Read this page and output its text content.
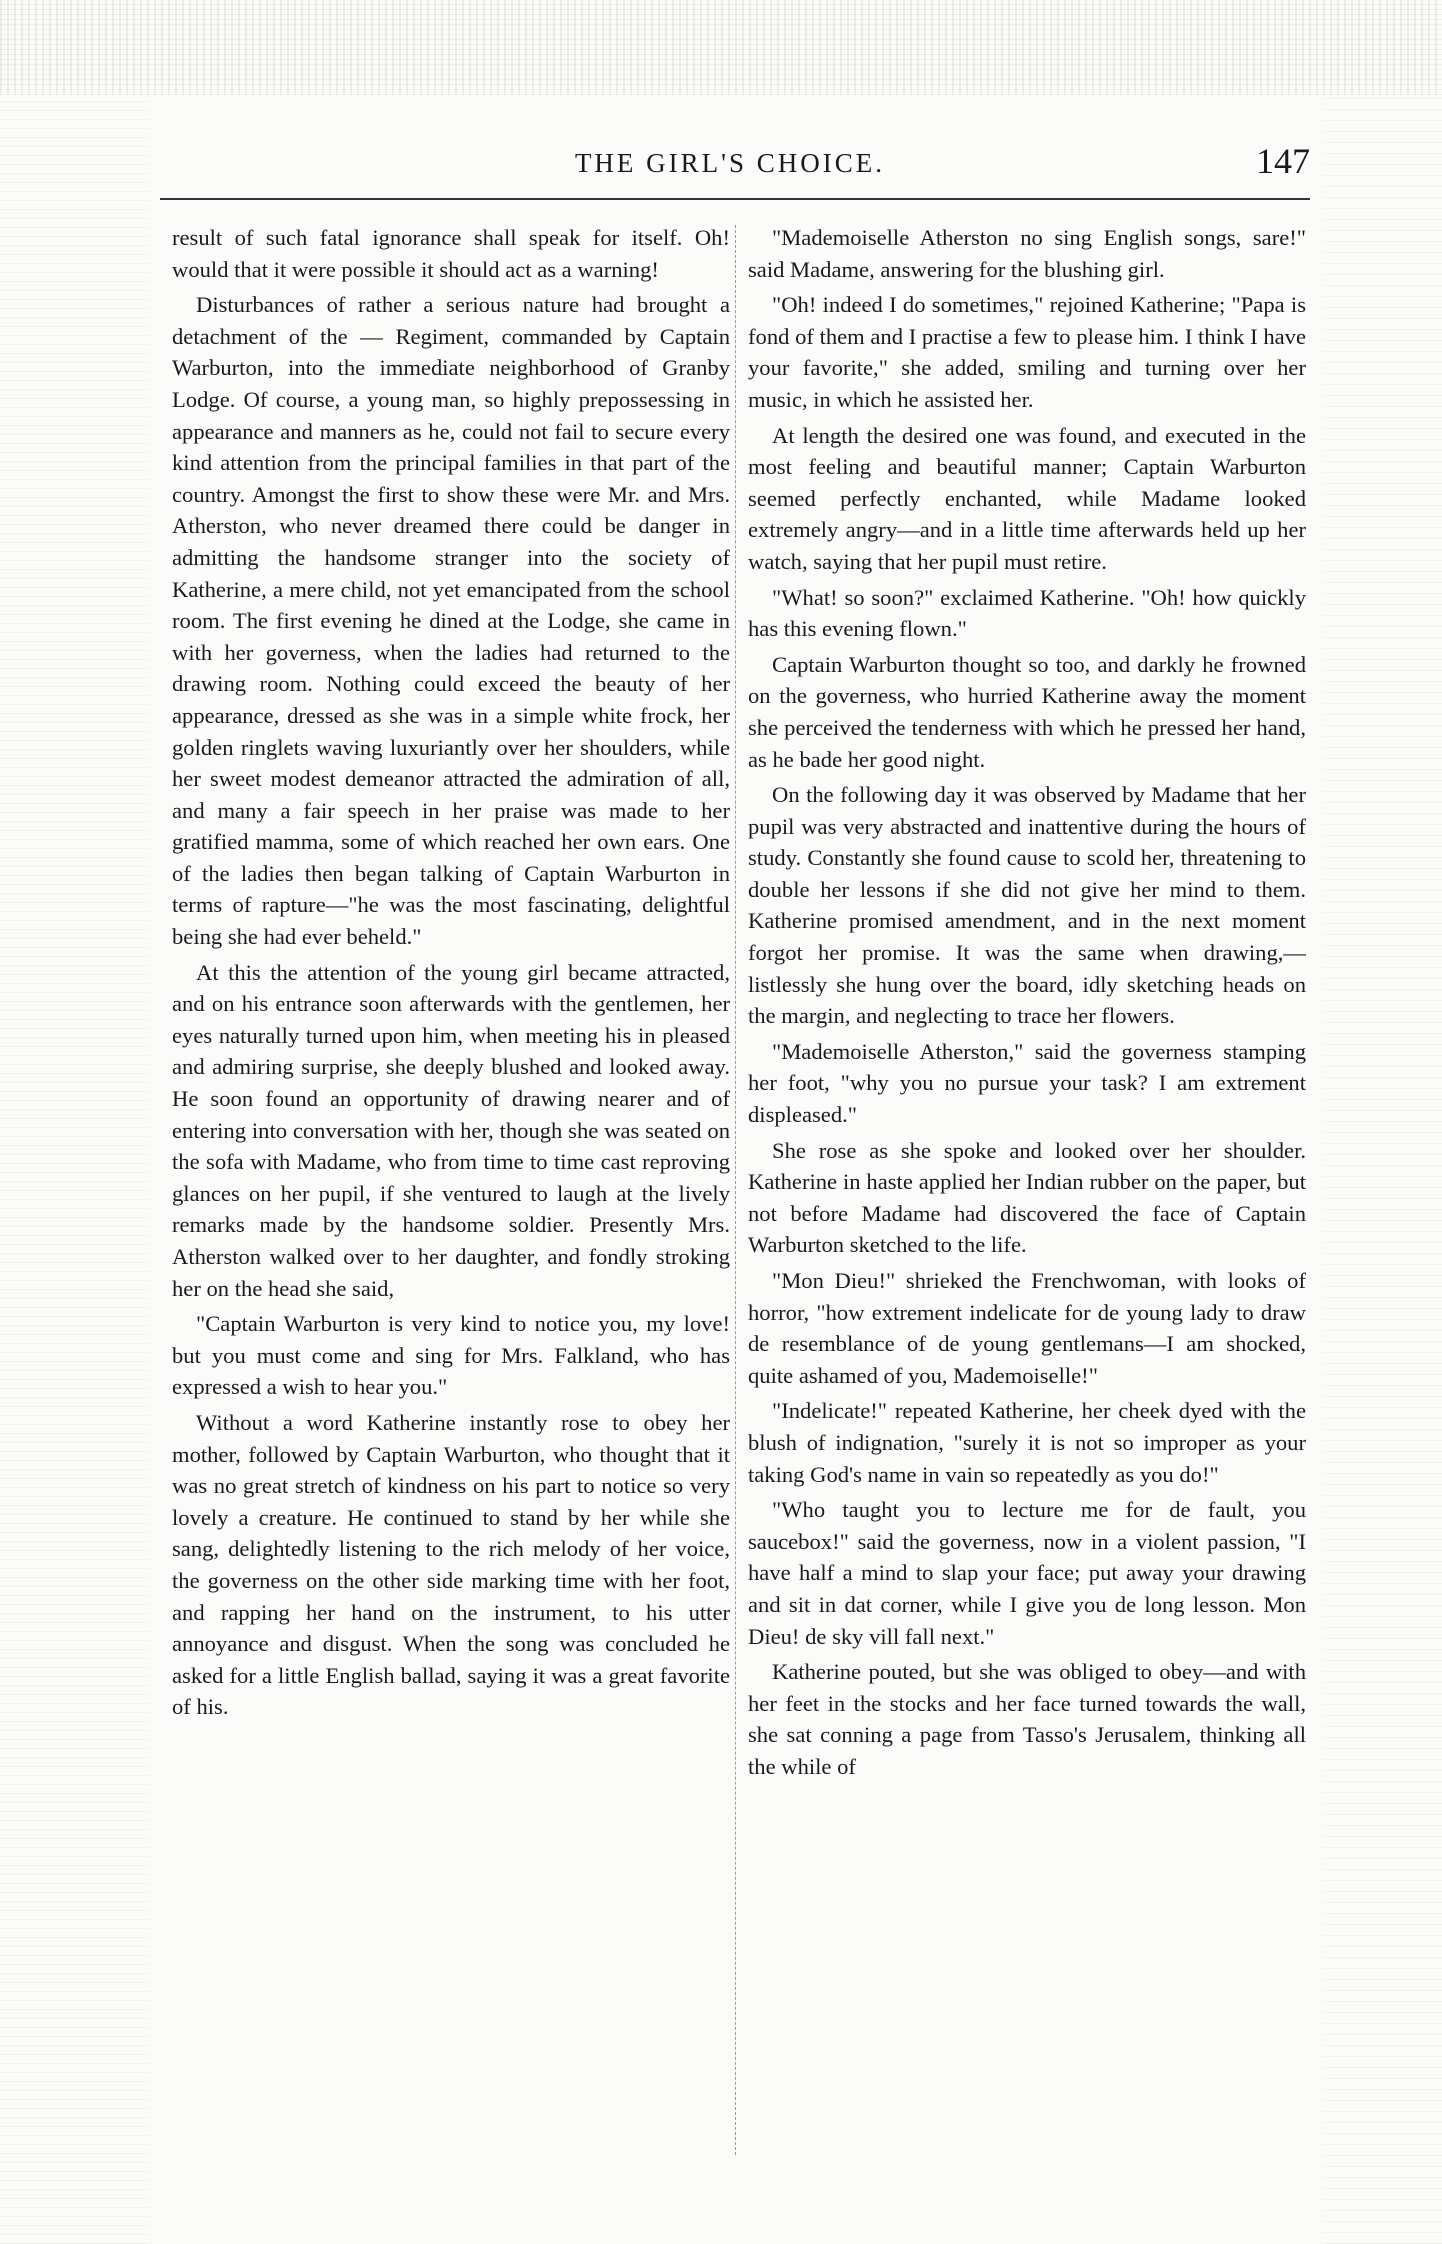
THE GIRL'S CHOICE.	147

result of such fatal ignorance shall speak for itself. Oh! would that it were possible it should act as a warning!

Disturbances of rather a serious nature had brought a detachment of the — Regiment, commanded by Captain Warburton, into the immediate neighborhood of Granby Lodge. Of course, a young man, so highly prepossessing in appearance and manners as he, could not fail to secure every kind attention from the principal families in that part of the country. Amongst the first to show these were Mr. and Mrs. Atherston, who never dreamed there could be danger in admitting the handsome stranger into the society of Katherine, a mere child, not yet emancipated from the school room. The first evening he dined at the Lodge, she came in with her governess, when the ladies had returned to the drawing room. Nothing could exceed the beauty of her appearance, dressed as she was in a simple white frock, her golden ringlets waving luxuriantly over her shoulders, while her sweet modest demeanor attracted the admiration of all, and many a fair speech in her praise was made to her gratified mamma, some of which reached her own ears. One of the ladies then began talking of Captain Warburton in terms of rapture—"he was the most fascinating, delightful being she had ever beheld."

At this the attention of the young girl became attracted, and on his entrance soon afterwards with the gentlemen, her eyes naturally turned upon him, when meeting his in pleased and admiring surprise, she deeply blushed and looked away. He soon found an opportunity of drawing nearer and of entering into conversation with her, though she was seated on the sofa with Madame, who from time to time cast reproving glances on her pupil, if she ventured to laugh at the lively remarks made by the handsome soldier. Presently Mrs. Atherston walked over to her daughter, and fondly stroking her on the head she said,

"Captain Warburton is very kind to notice you, my love! but you must come and sing for Mrs. Falkland, who has expressed a wish to hear you."

Without a word Katherine instantly rose to obey her mother, followed by Captain Warburton, who thought that it was no great stretch of kindness on his part to notice so very lovely a creature. He continued to stand by her while she sang, delightedly listening to the rich melody of her voice, the governess on the other side marking time with her foot, and rapping her hand on the instrument, to his utter annoyance and disgust. When the song was concluded he asked for a little English ballad, saying it was a great favorite of his.

"Mademoiselle Atherston no sing English songs, sare!" said Madame, answering for the blushing girl.

"Oh! indeed I do sometimes," rejoined Katherine; "Papa is fond of them and I practise a few to please him. I think I have your favorite," she added, smiling and turning over her music, in which he assisted her.

At length the desired one was found, and executed in the most feeling and beautiful manner; Captain Warburton seemed perfectly enchanted, while Madame looked extremely angry—and in a little time afterwards held up her watch, saying that her pupil must retire.

"What! so soon?" exclaimed Katherine. "Oh! how quickly has this evening flown."

Captain Warburton thought so too, and darkly he frowned on the governess, who hurried Katherine away the moment she perceived the tenderness with which he pressed her hand, as he bade her good night.

On the following day it was observed by Madame that her pupil was very abstracted and inattentive during the hours of study. Constantly she found cause to scold her, threatening to double her lessons if she did not give her mind to them. Katherine promised amendment, and in the next moment forgot her promise. It was the same when drawing,—listlessly she hung over the board, idly sketching heads on the margin, and neglecting to trace her flowers.

"Mademoiselle Atherston," said the governess stamping her foot, "why you no pursue your task? I am extrement displeased."

She rose as she spoke and looked over her shoulder. Katherine in haste applied her Indian rubber on the paper, but not before Madame had discovered the face of Captain Warburton sketched to the life.

"Mon Dieu!" shrieked the Frenchwoman, with looks of horror, "how extrement indelicate for de young lady to draw de resemblance of de young gentlemans—I am shocked, quite ashamed of you, Mademoiselle!"

"Indelicate!" repeated Katherine, her cheek dyed with the blush of indignation, "surely it is not so improper as your taking God's name in vain so repeatedly as you do!"

"Who taught you to lecture me for de fault, you saucebox!" said the governess, now in a violent passion, "I have half a mind to slap your face; put away your drawing and sit in dat corner, while I give you de long lesson. Mon Dieu! de sky vill fall next."

Katherine pouted, but she was obliged to obey—and with her feet in the stocks and her face turned towards the wall, she sat conning a page from Tasso's Jerusalem, thinking all the while of
